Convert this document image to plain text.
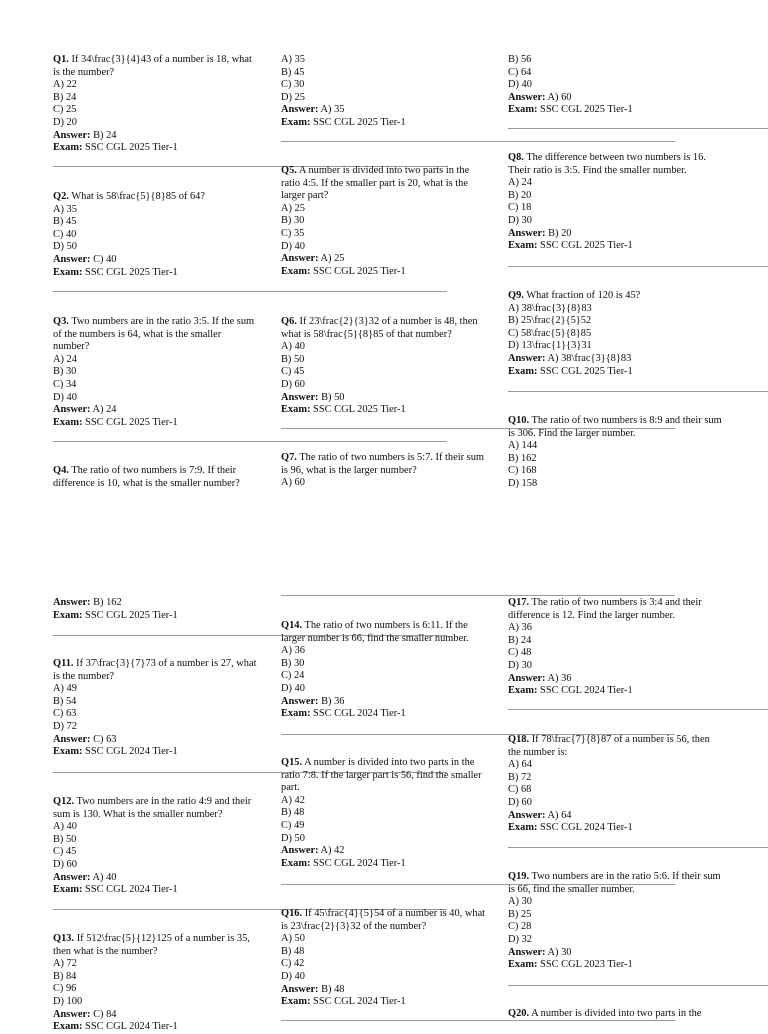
Q1. If 34\frac{3}{4}43 of a number is 18, what is the number?
A) 22
B) 24
C) 25
D) 20
Answer: B) 24
Exam: SSC CGL 2025 Tier-1
Q2. What is 58\frac{5}{8}85 of 64?
A) 35
B) 45
C) 40
D) 50
Answer: C) 40
Exam: SSC CGL 2025 Tier-1
Q3. Two numbers are in the ratio 3:5. If the sum of the numbers is 64, what is the smaller number?
A) 24
B) 30
C) 34
D) 40
Answer: A) 24
Exam: SSC CGL 2025 Tier-1
Q4. The ratio of two numbers is 7:9. If their difference is 10, what is the smaller number?
Answer: B) 162
Exam: SSC CGL 2025 Tier-1
Q11. If 37\frac{3}{7}73 of a number is 27, what is the number?
A) 49
B) 54
C) 63
D) 72
Answer: C) 63
Exam: SSC CGL 2024 Tier-1
Q12. Two numbers are in the ratio 4:9 and their sum is 130. What is the smaller number?
A) 40
B) 50
C) 45
D) 60
Answer: A) 40
Exam: SSC CGL 2024 Tier-1
Q13. If 512\frac{5}{12}125 of a number is 35, then what is the number?
A) 72
B) 84
C) 96
D) 100
Answer: C) 84
Exam: SSC CGL 2024 Tier-1
A) 35
B) 45
C) 30
D) 25
Answer: A) 35
Exam: SSC CGL 2025 Tier-1
Q5. A number is divided into two parts in the ratio 4:5. If the smaller part is 20, what is the larger part?
A) 25
B) 30
C) 35
D) 40
Answer: A) 25
Exam: SSC CGL 2025 Tier-1
Q6. If 23\frac{2}{3}32 of a number is 48, then what is 58\frac{5}{8}85 of that number?
A) 40
B) 50
C) 45
D) 60
Answer: B) 50
Exam: SSC CGL 2025 Tier-1
Q7. The ratio of two numbers is 5:7. If their sum is 96, what is the larger number?
A) 60
Q14. The ratio of two numbers is 6:11. If the larger number is 66, find the smaller number.
A) 36
B) 30
C) 24
D) 40
Answer: B) 36
Exam: SSC CGL 2024 Tier-1
Q15. A number is divided into two parts in the ratio 7:8. If the larger part is 56, find the smaller part.
A) 42
B) 48
C) 49
D) 50
Answer: A) 42
Exam: SSC CGL 2024 Tier-1
Q16. If 45\frac{4}{5}54 of a number is 40, what is 23\frac{2}{3}32 of the number?
A) 50
B) 48
C) 42
D) 40
Answer: B) 48
Exam: SSC CGL 2024 Tier-1
B) 56
C) 64
D) 40
Answer: A) 60
Exam: SSC CGL 2025 Tier-1
Q8. The difference between two numbers is 16. Their ratio is 3:5. Find the smaller number.
A) 24
B) 20
C) 18
D) 30
Answer: B) 20
Exam: SSC CGL 2025 Tier-1
Q9. What fraction of 120 is 45?
A) 38\frac{3}{8}83
B) 25\frac{2}{5}52
C) 58\frac{5}{8}85
D) 13\frac{1}{3}31
Answer: A) 38\frac{3}{8}83
Exam: SSC CGL 2025 Tier-1
Q10. The ratio of two numbers is 8:9 and their sum is 306. Find the larger number.
A) 144
B) 162
C) 168
D) 158
Q17. The ratio of two numbers is 3:4 and their difference is 12. Find the larger number.
A) 36
B) 24
C) 48
D) 30
Answer: A) 36
Exam: SSC CGL 2024 Tier-1
Q18. If 78\frac{7}{8}87 of a number is 56, then the number is:
A) 64
B) 72
C) 68
D) 60
Answer: A) 64
Exam: SSC CGL 2024 Tier-1
Q19. Two numbers are in the ratio 5:6. If their sum is 66, find the smaller number.
A) 30
B) 25
C) 28
D) 32
Answer: A) 30
Exam: SSC CGL 2023 Tier-1
Q20. A number is divided into two parts in the
